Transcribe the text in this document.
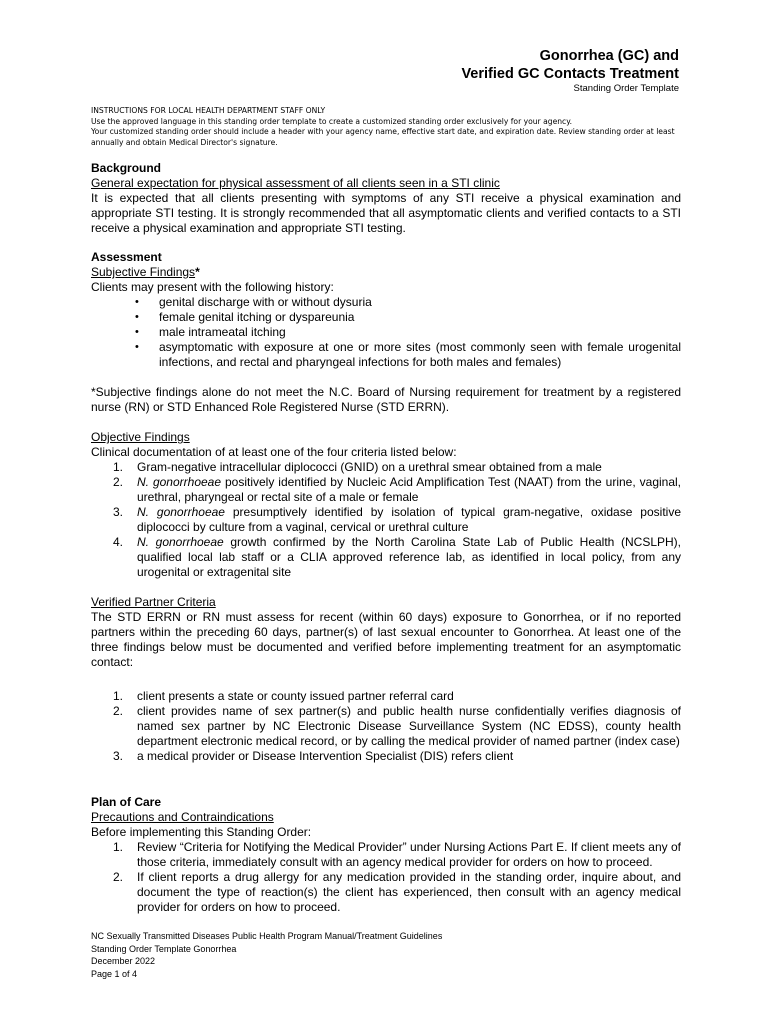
Gonorrhea (GC) and
Verified GC Contacts Treatment
Standing Order Template
INSTRUCTIONS FOR LOCAL HEALTH DEPARTMENT STAFF ONLY
Use the approved language in this standing order template to create a customized standing order exclusively for your agency.
Your customized standing order should include a header with your agency name, effective start date, and expiration date. Review standing order at least annually and obtain Medical Director's signature.
Background
General expectation for physical assessment of all clients seen in a STI clinic
It is expected that all clients presenting with symptoms of any STI receive a physical examination and appropriate STI testing. It is strongly recommended that all asymptomatic clients and verified contacts to a STI receive a physical examination and appropriate STI testing.
Assessment
Subjective Findings*
Clients may present with the following history:
• genital discharge with or without dysuria
• female genital itching or dyspareunia
• male intrameatal itching
• asymptomatic with exposure at one or more sites (most commonly seen with female urogenital infections, and rectal and pharyngeal infections for both males and females)
*Subjective findings alone do not meet the N.C. Board of Nursing requirement for treatment by a registered nurse (RN) or STD Enhanced Role Registered Nurse (STD ERRN).
Objective Findings
Clinical documentation of at least one of the four criteria listed below:
1. Gram-negative intracellular diplococci (GNID) on a urethral smear obtained from a male
2. N. gonorrhoeae positively identified by Nucleic Acid Amplification Test (NAAT) from the urine, vaginal, urethral, pharyngeal or rectal site of a male or female
3. N. gonorrhoeae presumptively identified by isolation of typical gram-negative, oxidase positive diplococci by culture from a vaginal, cervical or urethral culture
4. N. gonorrhoeae growth confirmed by the North Carolina State Lab of Public Health (NCSLPH), qualified local lab staff or a CLIA approved reference lab, as identified in local policy, from any urogenital or extragenital site
Verified Partner Criteria
The STD ERRN or RN must assess for recent (within 60 days) exposure to Gonorrhea, or if no reported partners within the preceding 60 days, partner(s) of last sexual encounter to Gonorrhea. At least one of the three findings below must be documented and verified before implementing treatment for an asymptomatic contact:
1. client presents a state or county issued partner referral card
2. client provides name of sex partner(s) and public health nurse confidentially verifies diagnosis of named sex partner by NC Electronic Disease Surveillance System (NC EDSS), county health department electronic medical record, or by calling the medical provider of named partner (index case)
3. a medical provider or Disease Intervention Specialist (DIS) refers client
Plan of Care
Precautions and Contraindications
Before implementing this Standing Order:
1. Review “Criteria for Notifying the Medical Provider” under Nursing Actions Part E. If client meets any of those criteria, immediately consult with an agency medical provider for orders on how to proceed.
2. If client reports a drug allergy for any medication provided in the standing order, inquire about, and document the type of reaction(s) the client has experienced, then consult with an agency medical provider for orders on how to proceed.
NC Sexually Transmitted Diseases Public Health Program Manual/Treatment Guidelines
Standing Order Template Gonorrhea
December 2022
Page 1 of 4
